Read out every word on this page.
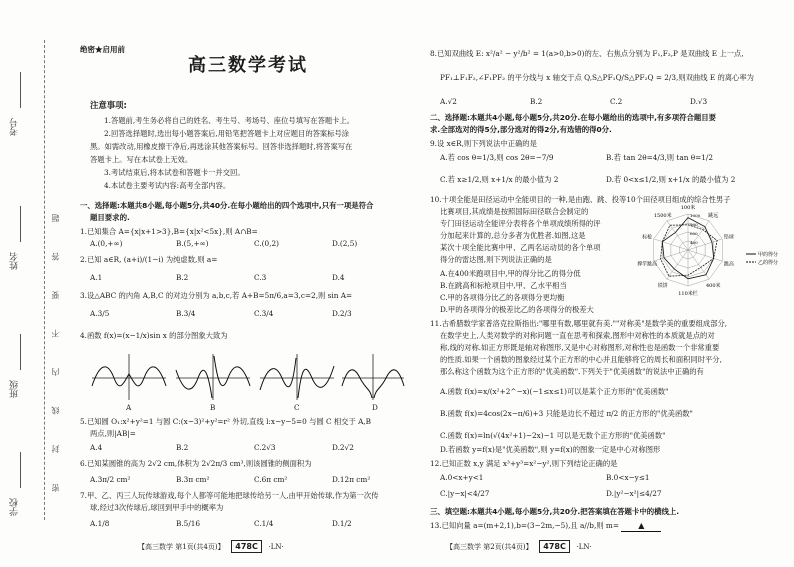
考号
姓名
班级
学校
密 封 线 内 不 要 答 题
绝密★启用前
高三数学考试
注意事项:
1.答题前,考生务必将自己的姓名、考生号、考场号、座位号填写在答题卡上。
2.回答选择题时,选出每小题答案后,用铅笔把答题卡上对应题目的答案标号涂
黑。如需改动,用橡皮擦干净后,再选涂其他答案标号。回答非选择题时,将答案写在
答题卡上。写在本试卷上无效。
3.考试结束后,将本试卷和答题卡一并交回。
4.本试卷主要考试内容:高考全部内容。
一、选择题:本题共8小题,每小题5分,共40分.在每小题给出的四个选项中,只有一项是符合
题目要求的.
1.已知集合 A={x|x+1>3},B={x|x²<5x},则 A∩B=
A.(0,+∞)	B.(5,+∞)	C.(0,2)	D.(2,5)
2.已知 a∈R, (a+i)/(1−i) 为纯虚数,则 a=
A.1	B.2	C.3	D.4
3.设△ABC 的内角 A,B,C 的对边分别为 a,b,c,若 A+B=5π/6,a=3,c=2,则 sin A=
A.3/5	B.3/4	C.3/4	D.2/3
4.函数 f(x)=(x−1/x)sin x 的部分图象大致为
A	B	C	D
5.已知圆 O₁:x²+y²=1 与圆 C:(x−3)²+y²=r² 外切,直线 l:x−y−5=0 与圆 C 相交于 A,B
两点,则|AB|=
A.4	B.2	C.2√3	D.2√2
6.已知某圆锥的高为 2√2 cm,体积为 2√2π/3 cm³,则该圆锥的侧面积为
A.3π/2 cm²	B.3π cm²	C.6π cm²	D.12π cm²
7.甲、乙、丙三人玩传球游戏,每个人都等可能地把球传给另一人,由甲开始传球,作为第一次传
球,经过3次传球后,球回到甲手中的概率为
A.1/8	B.5/16	C.1/4	D.1/2
【高三数学 第1页(共4页)】 478C ·LN·
8.已知双曲线 E: x²/a² − y²/b² = 1(a>0,b>0)的左、右焦点分别为 F₁,F₂,P 是双曲线 E 上一点,
PF₁⊥F₁F₂,∠F₁PF₂ 的平分线与 x 轴交于点 Q,S△PF₁Q/S△PF₂Q = 2/3,则双曲线 E 的离心率为
A.√2	B.2	C.2	D.√3
二、选择题:本题共4小题,每小题5分,共20分.在每小题给出的选项中,有多项符合题目要
求.全部选对的得5分,部分选对的得2分,有选错的得0分.
9.设 x∈R,则下列说法中正确的是
A.若 cos θ=1/3,则 cos 2θ=−7/9	B.若 tan 2θ=4/3,则 tan θ=1/2
C.若 x≥1/2,则 x+1/x 的最小值为 2	D.若 0<x≤1/2,则 x+1/x 的最小值为 2
10.十项全能是田径运动中全能项目的一种,是由跑、跳、投等10个田径项目组成的综合性男子
比赛项目,其成绩是按照国际田径联合会制定的
专门田径运动全能评分表将各个单项成绩所得的评
分加起来计算的,总分多者为优胜者.如图,这是
某次十项全能比赛中甲、乙两名运动员的各个单项
得分的雷达图,则下列说法正确的是
A.在400米跑项目中,甲的得分比乙的得分低
B.在跳高和标枪项目中,甲、乙水平相当
C.甲的各项得分比乙的各项得分更均衡
D.甲的各项得分的极差比乙的各项得分的极差大
100米
跳远
铅球
跳高
400米
110米栏
铁饼
撑竿跳高
标枪
1500米	1000
800
600
400
甲的得分
乙的得分
11.古希腊数学家普洛克拉斯指出:"哪里有数,哪里就有美.""对称美"是数学美的重要组成部分,
在数学史上,人类对数学的对称问题一直在思考和探索,图形中对称性的本质就是点的对
称,线的对称.如正方形既是轴对称图形,又是中心对称图形,对称性也是函数一个非常重要
的性质.如果一个函数的图象经过某个正方形的中心并且能够将它的周长和面积同时平分,
那么称这个函数为这个正方形的"优美函数".下列关于"优美函数"的说法中正确的有
A.函数 f(x)=x/(x²+2^−x)(−1≤x≤1)可以是某个正方形的"优美函数"
B.函数 f(x)=4cos(2x−π/6)+3 只能是边长不超过 π/2 的正方形的"优美函数"
C.函数 f(x)=ln(√(4x²+1)−2x)−1 可以是无数个正方形的"优美函数"
D.若函数 y=f(x)是"优美函数",则 y=f(x)的图象一定是中心对称图形
12.已知正数 x,y 满足 x³+y³=x²−y²,则下列结论正确的是
A.0<x+y<1	B.0<x−y≤1
C.|y−x|<4/27	D.|y²−x²|≤4/27
三、填空题:本题共4小题,每小题5分,共20分.把答案填在答题卡中的横线上.
13.已知向量 a=(m+2,1),b=(3−2m,−5),且 a//b,则 m= ▲
【高三数学 第2页(共4页)】 478C ·LN·
